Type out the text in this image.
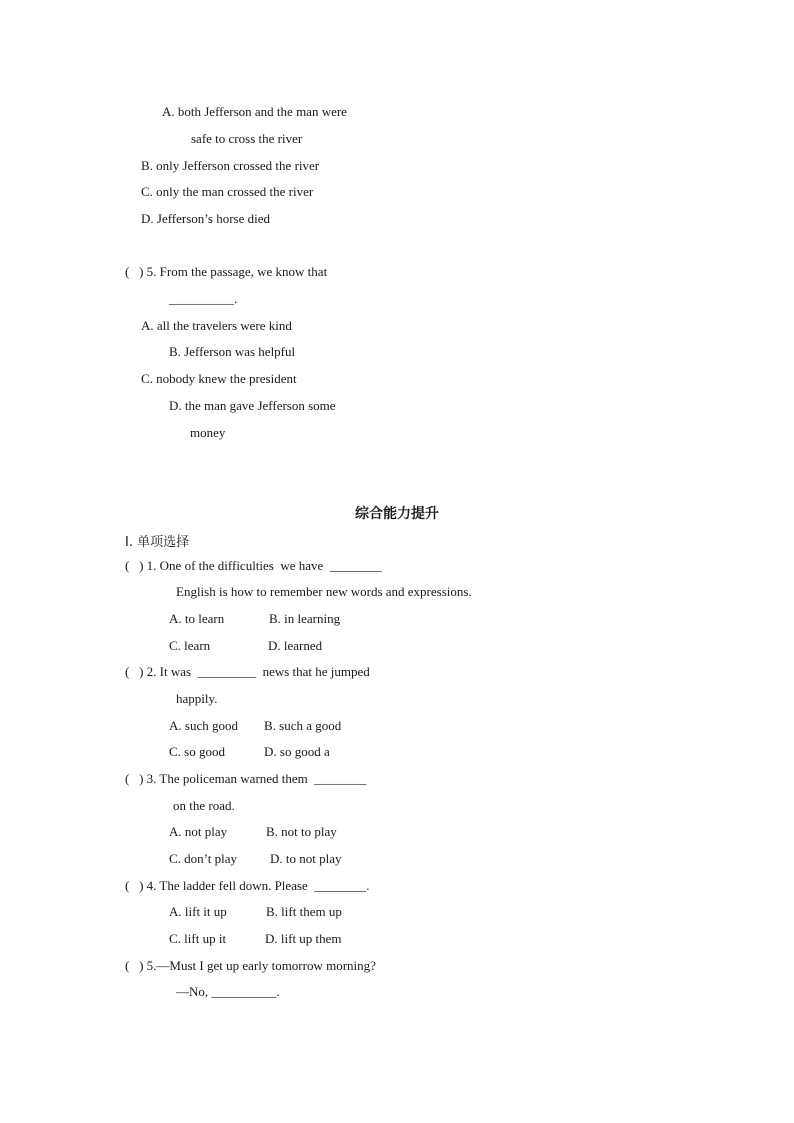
A. both Jefferson and the man were
safe to cross the river
B. only Jefferson crossed the river
C. only the man crossed the river
D. Jefferson’s horse died
(   ) 5. From the passage, we know that
__________.
A. all the travelers were kind
B. Jefferson was helpful
C. nobody knew the president
D. the man gave Jefferson some
money
综合能力提升
Ⅰ. 单项选择
(   ) 1. One of the difficulties  we have  ________
English is how to remember new words and expressions.
A. to learn	B. in learning
C. learn	D. learned
(   ) 2. It was  _________  news that he jumped
happily.
A. such good B. such a good
C. so good	D. so good a
(   ) 3. The policeman warned them  ________
on the road.
A. not play	B. not to play
C. don’t play	D. to not play
(   ) 4. The ladder fell down. Please  ________.
A. lift it up	B. lift them up
C. lift up it	D. lift up them
(   ) 5.—Must I get up early tomorrow morning?
—No, __________.
